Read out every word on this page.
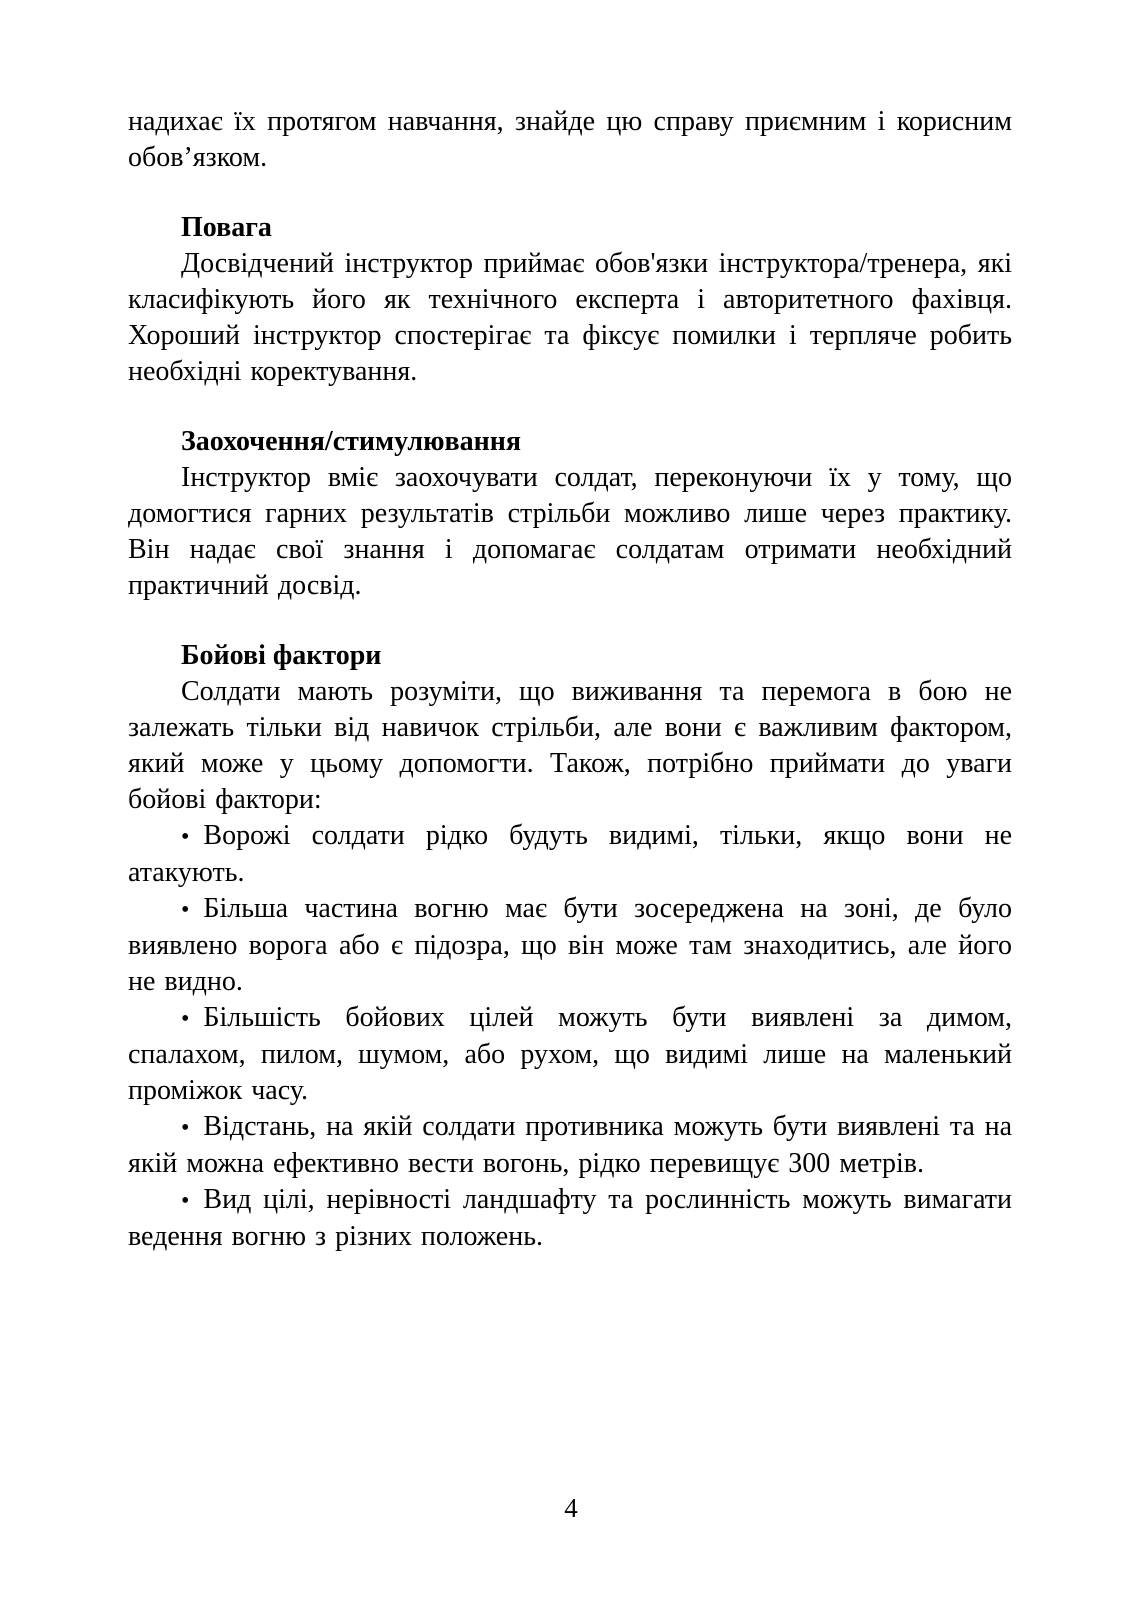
надихає їх протягом навчання, знайде цю справу приємним і корисним обов’язком.

Повага

Досвідчений інструктор приймає обов'язки інструктора/тренера, які класифікують його як технічного експерта і авторитетного фахівця. Хороший інструктор спостерігає та фіксує помилки і терпляче робить необхідні коректування.

Заохочення/стимулювання

Інструктор вміє заохочувати солдат, переконуючи їх у тому, що домогтися гарних результатів стрільби можливо лише через практику. Він надає свої знання і допомагає солдатам отримати необхідний практичний досвід.

Бойові фактори

Солдати мають розуміти, що виживання та перемога в бою не залежать тільки від навичок стрільби, але вони є важливим фактором, який може у цьому допомогти. Також, потрібно приймати до уваги бойові фактори:

• Ворожі солдати рідко будуть видимі, тільки, якщо вони не атакують.

• Більша частина вогню має бути зосереджена на зоні, де було виявлено ворога або є підозра, що він може там знаходитись, але його не видно.

• Більшість бойових цілей можуть бути виявлені за димом, спалахом, пилом, шумом, або рухом, що видимі лише на маленький проміжок часу.

• Відстань, на якій солдати противника можуть бути виявлені та на якій можна ефективно вести вогонь, рідко перевищує 300 метрів.

• Вид цілі, нерівності ландшафту та рослинність можуть вимагати ведення вогню з різних положень.

4
